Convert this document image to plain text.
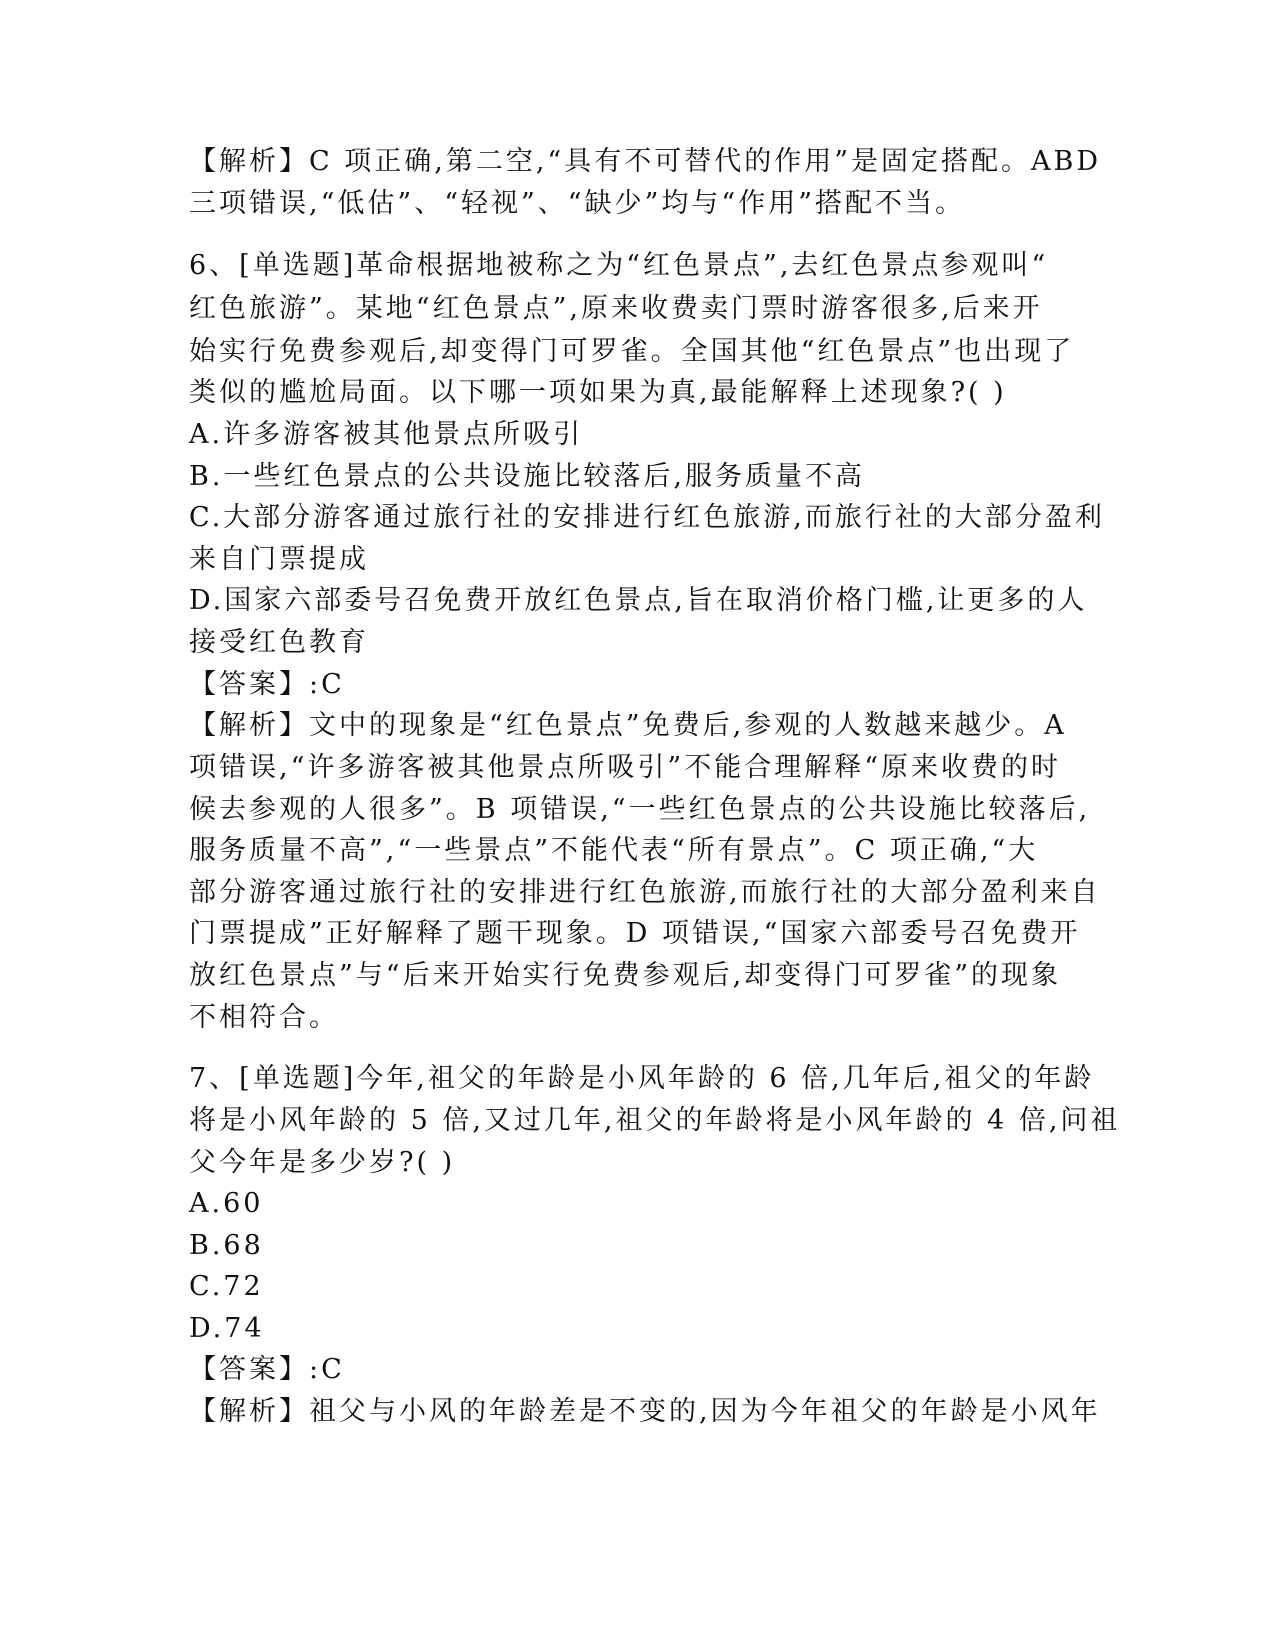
【解析】C 项正确,第二空,“具有不可替代的作用”是固定搭配。ABD
三项错误,“低估”、“轻视”、“缺少”均与“作用”搭配不当。
6、[单选题]革命根据地被称之为“红色景点”,去红色景点参观叫“
红色旅游”。某地“红色景点”,原来收费卖门票时游客很多,后来开
始实行免费参观后,却变得门可罗雀。全国其他“红色景点”也出现了
类似的尴尬局面。以下哪一项如果为真,最能解释上述现象?( )
A.许多游客被其他景点所吸引
B.一些红色景点的公共设施比较落后,服务质量不高
C.大部分游客通过旅行社的安排进行红色旅游,而旅行社的大部分盈利
来自门票提成
D.国家六部委号召免费开放红色景点,旨在取消价格门槛,让更多的人
接受红色教育
【答案】:C
【解析】文中的现象是“红色景点”免费后,参观的人数越来越少。A
项错误,“许多游客被其他景点所吸引”不能合理解释“原来收费的时
候去参观的人很多”。B 项错误,“一些红色景点的公共设施比较落后,
服务质量不高”,“一些景点”不能代表“所有景点”。C 项正确,“大
部分游客通过旅行社的安排进行红色旅游,而旅行社的大部分盈利来自
门票提成”正好解释了题干现象。D 项错误,“国家六部委号召免费开
放红色景点”与“后来开始实行免费参观后,却变得门可罗雀”的现象
不相符合。
7、[单选题]今年,祖父的年龄是小风年龄的 6 倍,几年后,祖父的年龄
将是小风年龄的 5 倍,又过几年,祖父的年龄将是小风年龄的 4 倍,问祖
父今年是多少岁?( )
A.60
B.68
C.72
D.74
【答案】:C
【解析】祖父与小风的年龄差是不变的,因为今年祖父的年龄是小风年
